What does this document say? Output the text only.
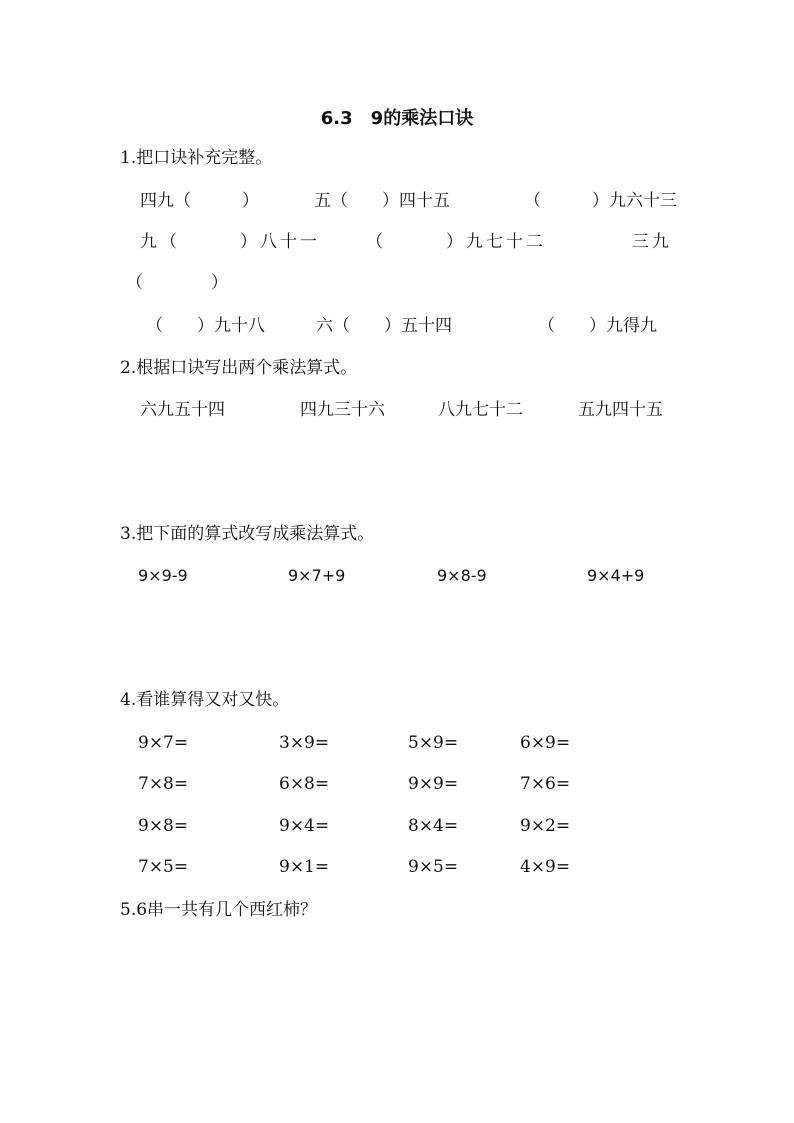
6.3　9的乘法口诀
1.把口诀补充完整。
四九（　　　）	五（　　）四十五	（　　　）九六十三
九（　　　）八十一	（　　　）九七十二	三九
（　　　　）
（　　）九十八	六（　　）五十四	（　　）九得九
2.根据口诀写出两个乘法算式。
六九五十四	四九三十六	八九七十二	五九四十五
3.把下面的算式改写成乘法算式。
9×9-9	9×7+9	9×8-9	9×4+9
4.看谁算得又对又快。
9×7=	3×9=	5×9=	6×9=
7×8=	6×8=	9×9=	7×6=
9×8=	9×4=	8×4=	9×2=
7×5=	9×1=	9×5=	4×9=
5.6串一共有几个西红柿？
